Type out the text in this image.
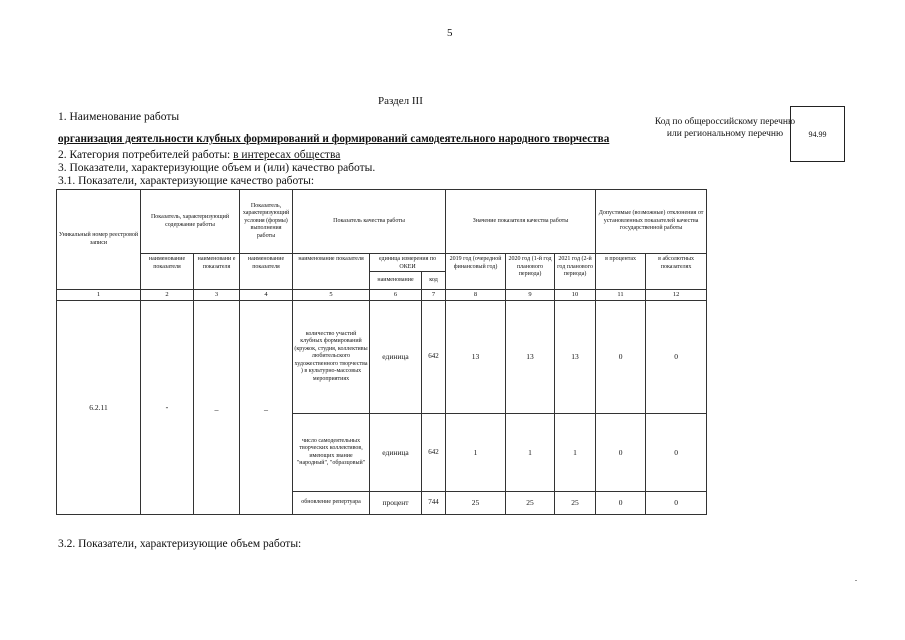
5
Раздел III
1. Наименование работы
организация деятельности клубных формирований и формирований самодеятельного народного творчества
2. Категория потребителей работы: в интересах общества
3. Показатели, характеризующие объем и (или) качество работы.
3.1. Показатели, характеризующие качество работы:
Код по общероссийскому перечню или региональному перечню	94.99
Уникальный номер реестровой записи	Показатель, характеризующий содержание работы		Показатель, характеризующий условия (формы) выполнения работы	Показатель качества работы			Значение показателя качества работы			Допустимые (возможные) отклонения от установленных показателей качества государственной работы	
	наименование показателя	наименовани е показателя	наименование показателя	наименование показателя	единица измерения по ОКЕИ		2019 год (очередной финансовый год)	2020 год (1-й год планового периода)	2021 год (2-й год планового периода)	в процентах	в абсолютных показателях
					наименование	код					
1	2	3	4	5	6	7	8	9	10	11	12
6.2.11	-	_	_	количество участий клубных формирований (кружок, студия, коллективы любительского художественного творчества ) в культурно-массовых мероприятиях	единица	642	13	13	13	0	0
				число самодеятельных творческих коллективов, имеющих звание "народный", "образцовый"	единица	642	1	1	1	0	0
				обновление репертуара	процент	744	25	25	25	0	0
3.2. Показатели, характеризующие объем работы:
